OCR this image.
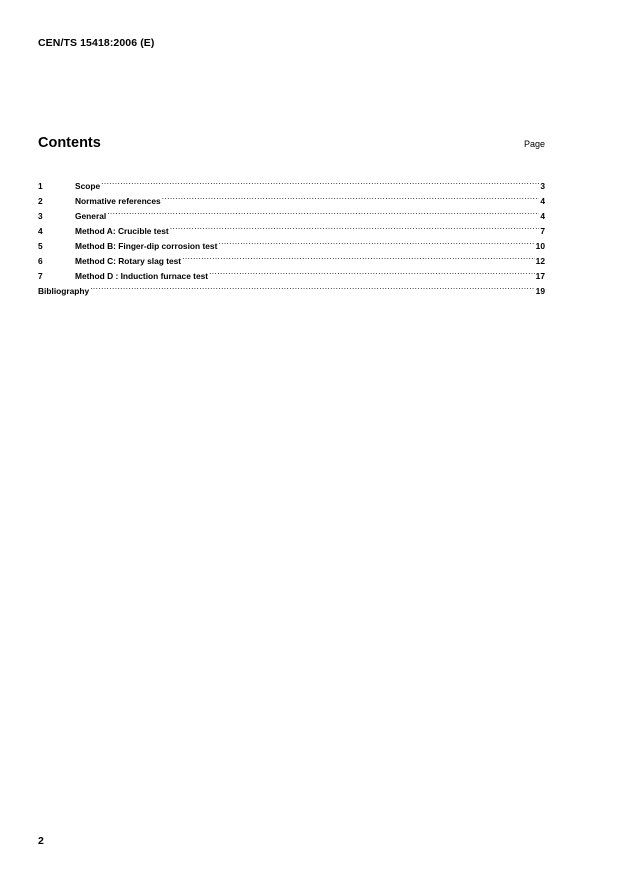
CEN/TS 15418:2006 (E)
Contents	Page
1	Scope .....	3
2	Normative references .....	4
3	General .....	4
4	Method A: Crucible test .....	7
5	Method B: Finger-dip corrosion test .....	10
6	Method C: Rotary slag test .....	12
7	Method D : Induction furnace test .....	17
Bibliography .....	19
2
